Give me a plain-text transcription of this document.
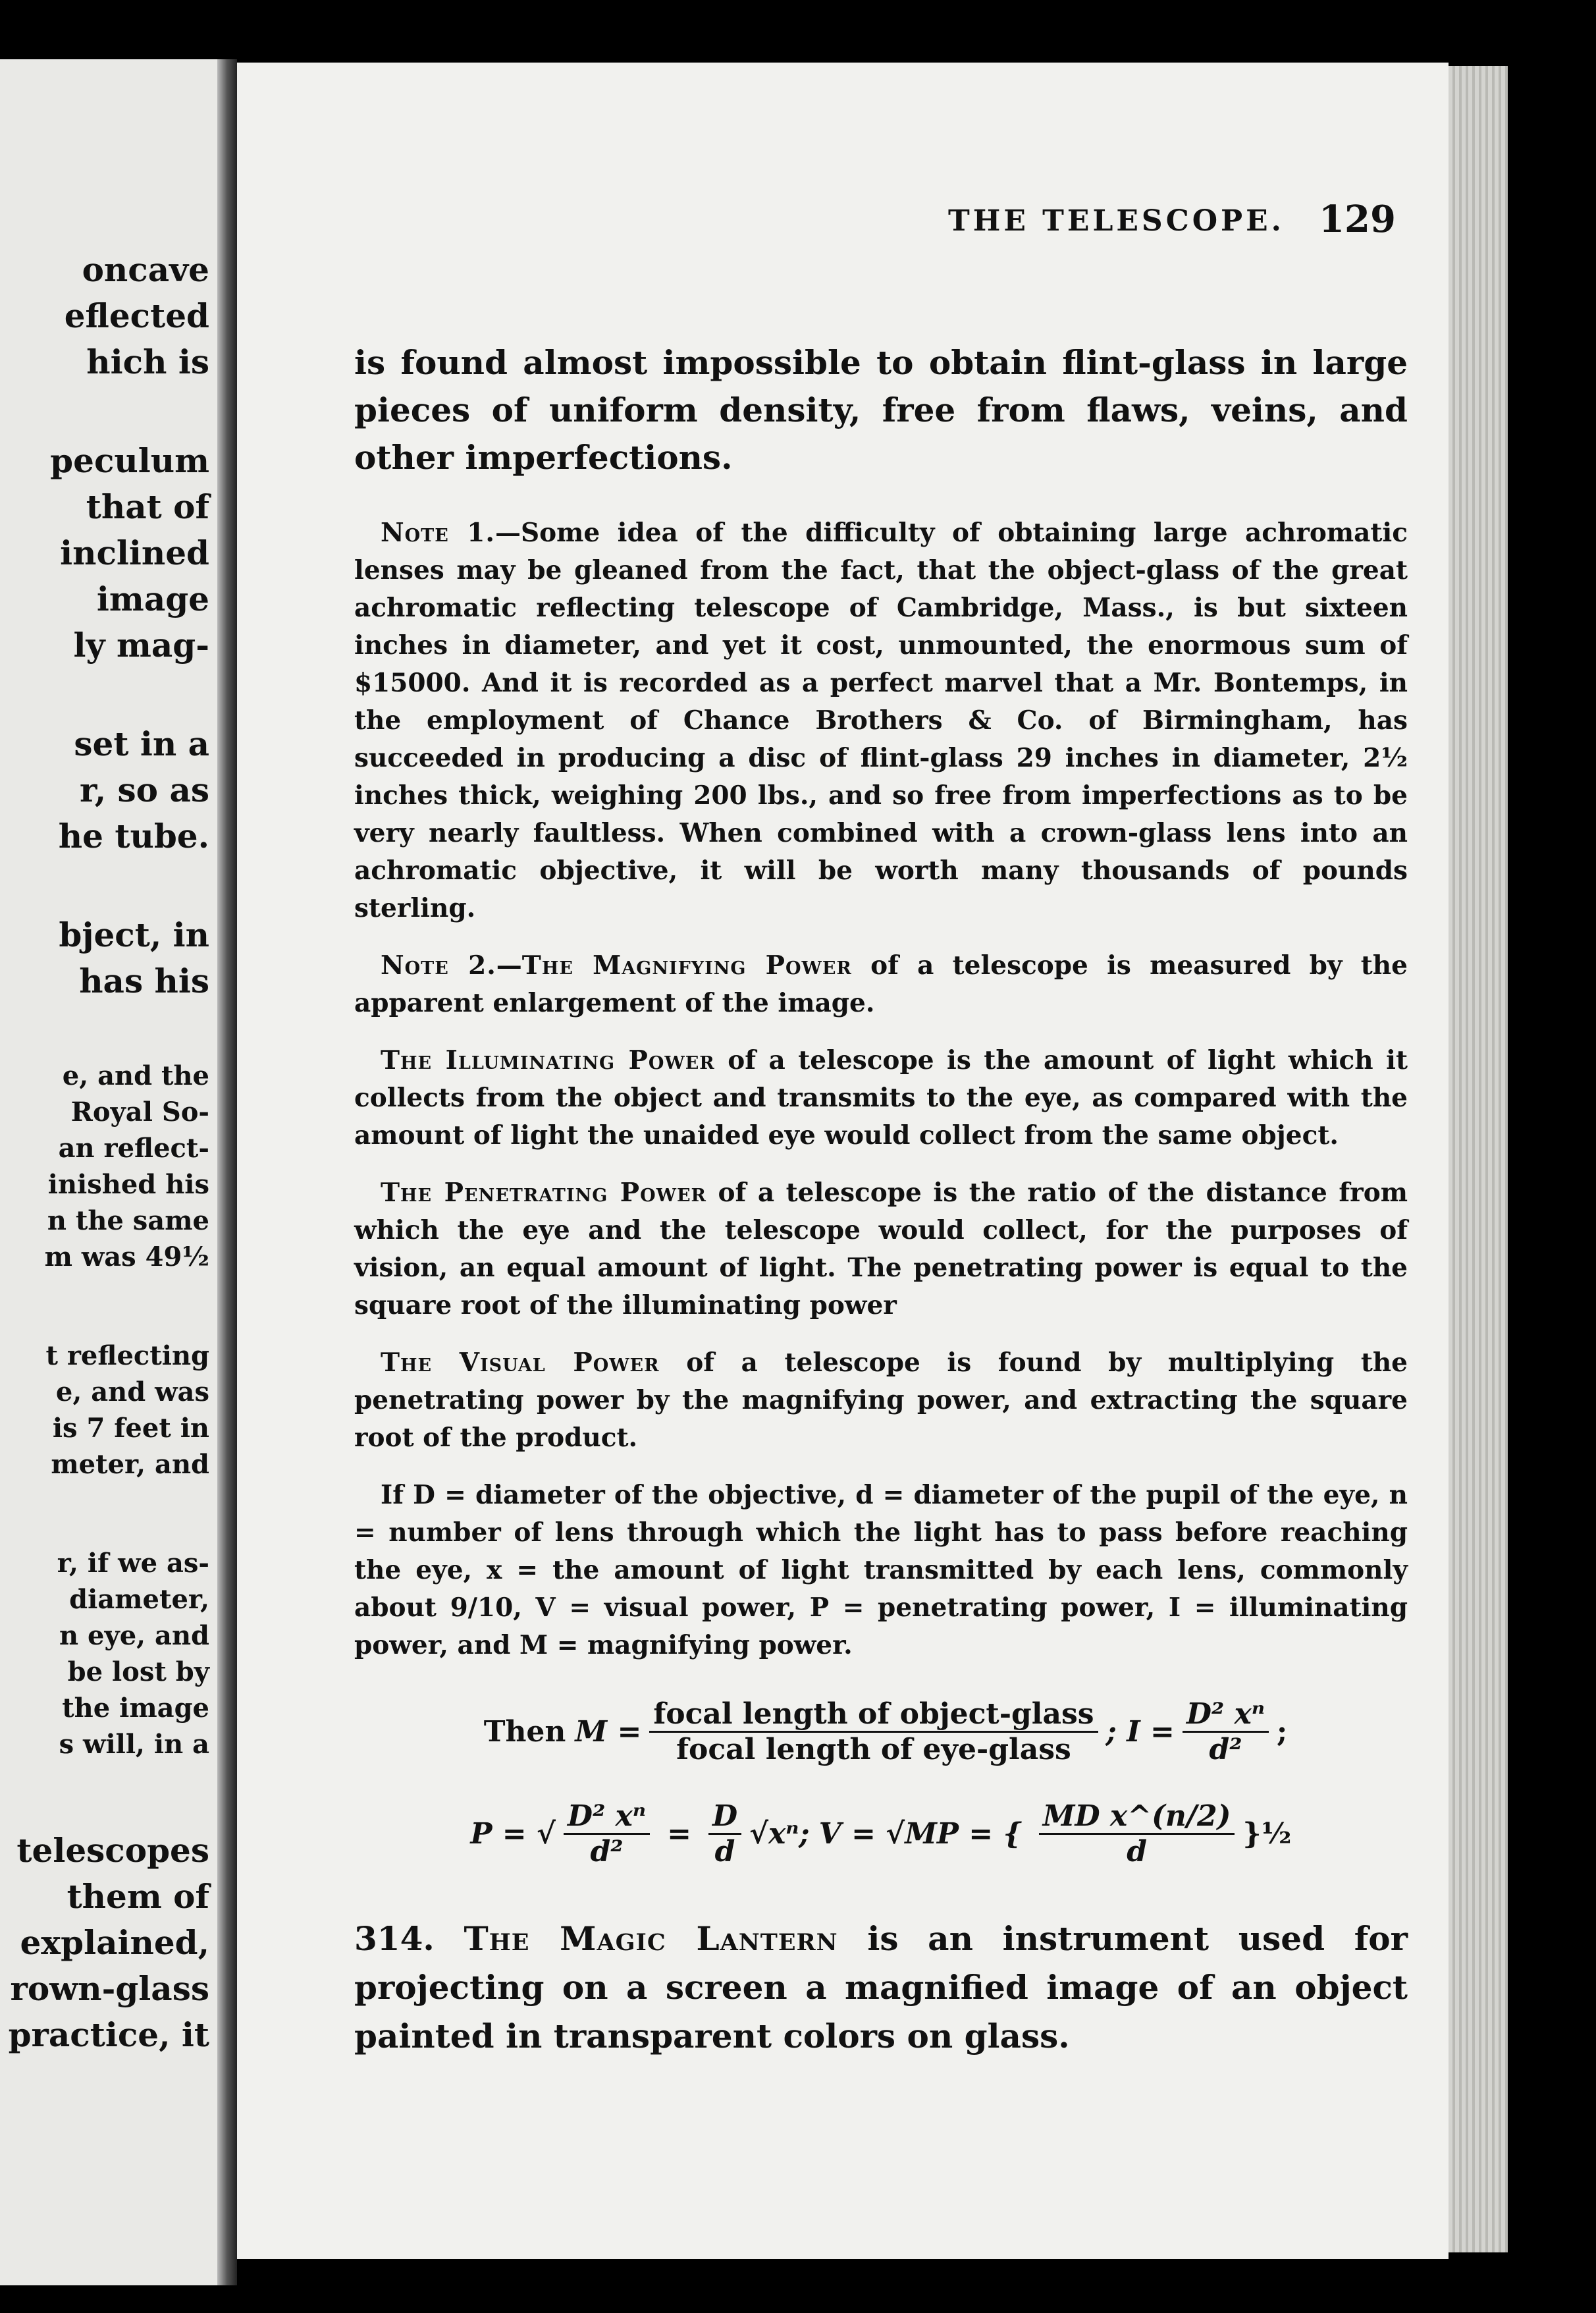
oncave
eflected
hich is
peculum
that of
inclined
image
ly mag-
set in a
r, so as
he tube.
bject, in
has his
e, and the
Royal So-
an reflect-
inished his
n the same
m was 49½
t reflecting
e, and was
is 7 feet in
meter, and
r, if we as-
diameter,
n eye, and
be lost by
the image
s will, in a
telescopes
them of
explained,
rown-glass
practice, it
THE TELESCOPE. 129

is found almost impossible to obtain flint-glass in large pieces of uniform density, free from flaws, veins, and other imperfections.

Note 1.—Some idea of the difficulty of obtaining large achromatic lenses may be gleaned from the fact, that the object-glass of the great achromatic reflecting telescope of Cambridge, Mass., is but sixteen inches in diameter, and yet it cost, unmounted, the enormous sum of $15000. And it is recorded as a perfect marvel that a Mr. Bontemps, in the employment of Chance Brothers & Co. of Birmingham, has succeeded in producing a disc of flint-glass 29 inches in diameter, 2½ inches thick, weighing 200 lbs., and so free from imperfections as to be very nearly faultless. When combined with a crown-glass lens into an achromatic objective, it will be worth many thousands of pounds sterling.

Note 2.—The Magnifying Power of a telescope is measured by the apparent enlargement of the image.

The Illuminating Power of a telescope is the amount of light which it collects from the object and transmits to the eye, as compared with the amount of light the unaided eye would collect from the same object.

The Penetrating Power of a telescope is the ratio of the distance from which the eye and the telescope would collect, for the purposes of vision, an equal amount of light. The penetrating power is equal to the square root of the illuminating power

The Visual Power of a telescope is found by multiplying the penetrating power by the magnifying power, and extracting the square root of the product.

If D = diameter of the objective, d = diameter of the pupil of the eye, n = number of lens through which the light has to pass before reaching the eye, x = the amount of light transmitted by each lens, commonly about 9/10, V = visual power, P = penetrating power, I = illuminating power, and M = magnifying power.

Then $M = \frac{\text{focal length of object-glass}}{\text{focal length of eye-glass}}$ ; $I = \frac{\text{D² xⁿ}}{\text{d²}}$ ;
P = √ $\frac{\text{D² xⁿ}}{\text{d²}} = \frac{D}{d} √x^n$; V = √MP = { $\frac{\text{MD x\textasciicircum{}(n/2)}}{d}$ }½

314. The Magic Lantern is an instrument used for projecting on a screen a magnified image of an object painted in transparent colors on glass.
